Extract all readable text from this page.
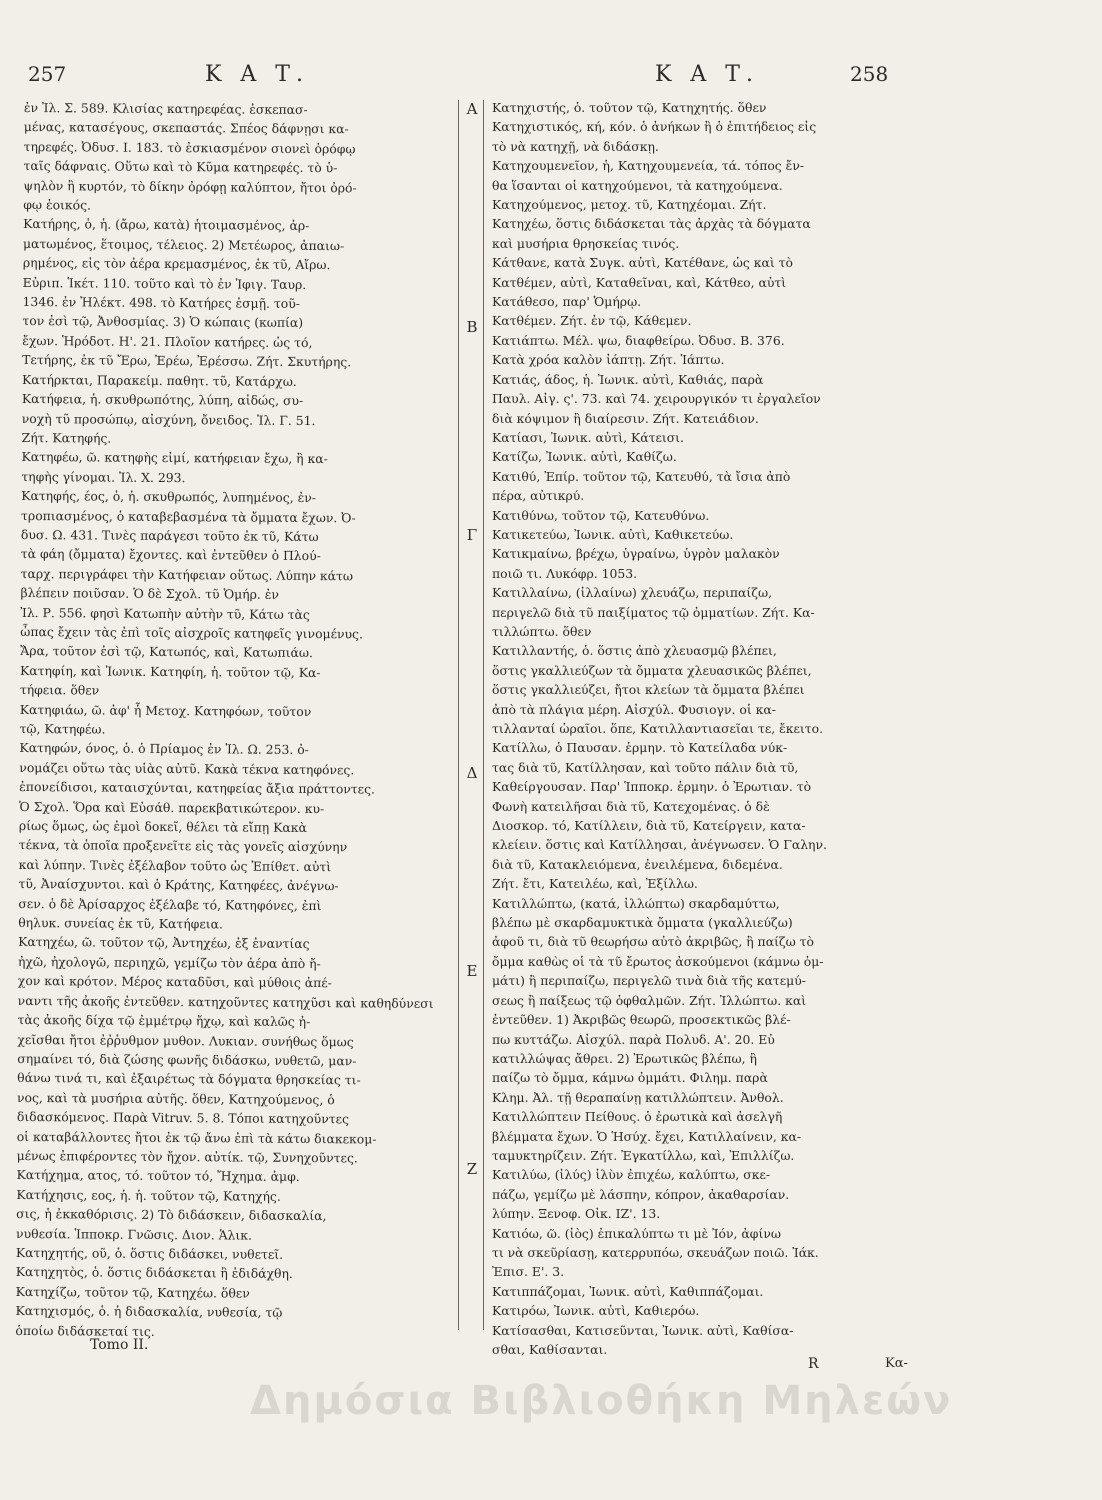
257	Κ Α Τ.	Κ Α Τ.	258
Α
Β
Γ
Δ
Ε
Ζ
ἐν Ἰλ. Σ. 589. Κλισίας κατηρεφέας. ἐσκεπασ-
μένας, κατασέγους, σκεπαστάς. Σπέος δάφνῃσι κα-
τηρεφές. Ὀδυσ. Ι. 183. τὸ ἐσκιασμένον σιονεὶ ὀρόφῳ
ταῖς δάφναις. Οὕτω καὶ τὸ Κῦμα κατηρεφές. τὸ ὑ-
ψηλὸν ἢ κυρτόν, τὸ δίκην ὀρόφῃ καλύπτον, ἤτοι ὀρό-
φῳ ἐοικός.
Κατήρης, ὁ, ἡ. (ἄρω, κατὰ) ἡτοιμασμένος, ἀρ-
ματωμένος, ἕτοιμος, τέλειος. 2) Μετέωρος, ἀπαιω-
ρημένος, εἰς τὸν ἀέρα κρεμασμένος, ἐκ τῦ, Αἴρω.
Εὐριπ. Ἱκέτ. 110. τοῦτο καὶ τὸ ἐν Ἰφιγ. Ταυρ.
1346. ἐν Ἠλέκτ. 498. τὸ Κατήρες ἐσμῇ. τοῦ-
τον ἐσὶ τῷ, Ἀνθοσμίας. 3) Ὁ κώπαις (κωπία)
ἔχων. Ἡρόδοτ. Η'. 21. Πλοῖον κατήρες. ὡς τό,
Τετήρης, ἐκ τῦ Ἔρω, Ἐρέω, Ἐρέσσω. Ζήτ. Σκυτήρης.
Κατήρκται, Παρακείμ. παθητ. τῦ, Κατάρχω.
Κατήφεια, ἡ. σκυθρωπότης, λύπη, αἰδώς, συ-
νοχὴ τῦ προσώπῳ, αἰσχύνη, ὄνειδος. Ἰλ. Γ. 51.
Ζήτ. Κατηφής.
Κατηφέω, ῶ. κατηφὴς εἰμί, κατήφειαν ἔχω, ἢ κα-
τηφὴς γίνομαι. Ἰλ. Χ. 293.
Κατηφής, έος, ὁ, ἡ. σκυθρωπός, λυπημένος, ἐν-
τροπιασμένος, ὁ καταβεβασμένα τὰ ὄμματα ἔχων. Ὀ-
δυσ. Ω. 431. Τινὲς παράγεσι τοῦτο ἐκ τῦ, Κάτω
τὰ φάη (ὄμματα) ἔχοντες. καὶ ἐντεῦθεν ὁ Πλού-
ταρχ. περιγράφει τὴν Κατήφειαν οὕτως. Λύπην κάτω
βλέπειν ποιῦσαν. Ὁ δὲ Σχολ. τῦ Ὁμήρ. ἐν
Ἰλ. Ρ. 556. φησὶ Κατωπὴν αὐτὴν τῦ, Κάτω τὰς
ὦπας ἔχειν τὰς ἐπὶ τοῖς αἰσχροῖς κατηφεῖς γινομένυς.
Ἄρα, τοῦτον ἐσὶ τῷ, Κατωπός, καὶ, Κατωπιάω.
Κατηφίη, καὶ Ἰωνικ. Κατηφίη, ἡ. τοῦτον τῷ, Κα-
τήφεια. ὅθεν
Κατηφιάω, ῶ. ἀφ' ἧ Μετοχ. Κατηφόων, τοῦτον
τῷ, Κατηφέω.
Κατηφών, όνος, ὁ. ὁ Πρίαμος ἐν Ἰλ. Ω. 253. ὀ-
νομάζει οὕτω τὰς υἱὰς αὐτῦ. Κακὰ τέκνα κατηφόνες.
ἐπονείδισοι, καταισχύνται, κατηφείας ἄξια πράττοντες.
Ὁ Σχολ. Ὅρα καὶ Εὐσάθ. παρεκβατικώτερον. κυ-
ρίως ὅμως, ὡς ἐμοὶ δοκεῖ, θέλει τὰ εἴπῃ Κακὰ
τέκνα, τὰ ὁποῖα προξενεῖτε εἰς τὰς γονεῖς αἰσχύνην
καὶ λύπην. Τινὲς ἐξέλαβον τοῦτο ὡς Ἐπίθετ. αὐτὶ
τῦ, Ἀναίσχυντοι. καὶ ὁ Κράτης, Κατηφέες, ἀνέγνω-
σεν. ὁ δὲ Ἀρίσαρχος ἐξέλαβε τό, Κατηφόνες, ἐπὶ
θηλυκ. συνείας ἐκ τῦ, Κατήφεια.
Κατηχέω, ῶ. τοῦτον τῷ, Ἀντηχέω, ἐξ ἐναντίας
ἠχῶ, ἠχολογῶ, περιηχῶ, γεμίζω τὸν ἀέρα ἀπὸ ἤ-
χον καὶ κρότον. Μέρος καταδῦσι, καὶ μύθοις ἀπέ-
ναντι τῆς ἀκοῆς ἐντεῦθεν. κατηχοῦντες κατηχῦσι καὶ καθηδύνεσι
τὰς ἀκοῆς δίχα τῷ ἐμμέτρῳ ἤχῳ, καὶ καλῶς ἠ-
χεῖσθαι ἤτοι ἐῤῥυθμον μυθον. Λυκιαν. συνήθως ὅμως
σημαίνει τό, διὰ ζώσης φωνῆς διδάσκω, νυθετῶ, μαν-
θάνω τινά τι, καὶ ἐξαιρέτως τὰ δόγματα θρησκείας τι-
νος, καὶ τὰ μυσήρια αὐτῆς. ὅθεν, Κατηχούμενος, ὁ
διδασκόμενος. Παρὰ Vitruv. 5. 8. Τόποι κατηχοῦντες
οἱ καταβάλλοντες ἤτοι ἐκ τῷ ἄνω ἐπὶ τὰ κάτω διακεκομ-
μένως ἐπιφέροντες τὸν ἤχον. αὐτίκ. τῷ, Συνηχοῦντες.
Κατήχημα, ατος, τό. τοῦτον τό, Ἤχημα. ἀμφ.
Κατήχησις, εος, ἡ. ἡ. τοῦτον τῷ, Κατηχής.
σις, ἡ ἐκκαθόρισις. 2) Τὸ διδάσκειν, διδασκαλία,
νυθεσία. Ἱπποκρ. Γνῶσις. Διον. Ἁλικ.
Κατηχητής, οῦ, ὁ. ὅστις διδάσκει, νυθετεῖ.
Κατηχητὸς, ὁ. ὅστις διδάσκεται ἢ ἐδιδάχθη.
Κατηχίζω, τοῦτον τῷ, Κατηχέω. ὅθεν
Κατηχισμός, ὁ. ἡ διδασκαλία, νυθεσία, τῷ
ὁποίω διδάσκεταί τις.
Κατηχιστής, ὁ. τοῦτον τῷ, Κατηχητής. ὅθεν
Κατηχιστικός, κή, κόν. ὁ ἀνήκων ἢ ὁ ἐπιτήδειος εἰς
τὸ νὰ κατηχῇ, νὰ διδάσκῃ.
Κατηχουμενεῖον, ἡ, Κατηχουμενεία, τά. τόπος ἔν-
θα ἵσανται οἱ κατηχούμενοι, τὰ κατηχούμενα.
Κατηχούμενος, μετοχ. τῦ, Κατηχέομαι. Ζήτ.
Κατηχέω, ὅστις διδάσκεται τὰς ἀρχὰς τὰ δόγματα
καὶ μυσήρια θρησκείας τινός.
Κάτθανε, κατὰ Συγκ. αὐτὶ, Κατέθανε, ὡς καὶ τὸ
Κατθέμεν, αὐτὶ, Καταθεῖναι, καὶ, Κάτθεο, αὐτὶ
Κατάθεσο, παρ' Ὁμήρῳ.
Κατθέμεν. Ζήτ. ἐν τῷ, Κάθεμεν.
Κατιάπτω. Μέλ. ψω, διαφθείρω. Ὀδυσ. Β. 376.
Κατὰ χρόα καλὸν ἰάπτῃ. Ζήτ. Ἰάπτω.
Κατιάς, άδος, ἡ. Ἰωνικ. αὐτὶ, Καθιάς, παρὰ
Παυλ. Αἰγ. ς'. 73. καὶ 74. χειρουργικόν τι ἐργαλεῖον
διὰ κόψιμον ἢ διαίρεσιν. Ζήτ. Κατειάδιον.
Κατίασι, Ἰωνικ. αὐτὶ, Κάτεισι.
Κατίζω, Ἰωνικ. αὐτὶ, Καθίζω.
Κατιθύ, Ἐπίρ. τοῦτον τῷ, Κατευθύ, τὰ ἴσια ἀπὸ
πέρα, αὐτικρύ.
Κατιθύνω, τοῦτον τῷ, Κατευθύνω.
Κατικετεύω, Ἰωνικ. αὐτὶ, Καθικετεύω.
Κατικμαίνω, βρέχω, ὑγραίνω, ὑγρὸν μαλακὸν
ποιῶ τι. Λυκόφρ. 1053.
Κατιλλαίνω, (ἰλλαίνω) χλευάζω, περιπαίζω,
περιγελῶ διὰ τῦ παιξίματος τῷ ὀμματίων. Ζήτ. Κα-
τιλλώπτω. ὅθεν
Κατιλλαντής, ὁ. ὅστις ἀπὸ χλευασμῷ βλέπει,
ὅστις γκαλλιεύζων τὰ ὄμματα χλευασικῶς βλέπει,
ὅστις γκαλλιεύζει, ἤτοι κλείων τὰ ὄμματα βλέπει
ἀπὸ τὰ πλάγια μέρη. Αἰσχύλ. Φυσιογν. οἱ κα-
τιλλανταί ὡραῖοι. ὅπε, Κατιλλαντιασεῖαι τε, ἔκειτο.
Κατίλλω, ὁ Παυσαν. ἑρμην. τὸ Κατείλαδα νύκ-
τας διὰ τῦ, Κατίλλησαν, καὶ τοῦτο πάλιν διὰ τῦ,
Καθείργουσαν. Παρ' Ἱπποκρ. ἑρμην. ὁ Ἐρωτιαν. τὸ
Φωνὴ κατειλῆσαι διὰ τῦ, Κατεχομένας. ὁ δὲ
Διοσκορ. τό, Κατίλλειν, διὰ τῦ, Κατείργειν, κατα-
κλείειν. ὅστις καὶ Κατίλλησαι, ἀνέγνωσεν. Ὁ Γαλην.
διὰ τῦ, Κατακλειόμενα, ἐνειλέμενα, διδεμένα.
Ζήτ. ἔτι, Κατειλέω, καὶ, Ἐξίλλω.
Κατιλλώπτω, (κατά, ἰλλώπτω) σκαρδαμύττω,
βλέπω μὲ σκαρδαμυκτικὰ ὄμματα (γκαλλιεύζω)
ἀφοῦ τι, διὰ τῦ θεωρήσω αὐτὸ ἀκριβῶς, ἢ παίζω τὸ
ὄμμα καθὼς οἱ τὰ τῦ ἔρωτος ἀσκούμενοι (κάμνω ὀμ-
μάτι) ἢ περιπαίζω, περιγελῶ τινὰ διὰ τῆς κατεμύ-
σεως ἢ παίξεως τῷ ὀφθαλμῶν. Ζήτ. Ἰλλώπτω. καὶ
ἐντεῦθεν. 1) Ἀκριβῶς θεωρῶ, προσεκτικῶς βλέ-
πω κυττάζω. Αἰσχύλ. παρὰ Πολυδ. Α'. 20. Εὐ
κατιλλώψας ἄθρει. 2) Ἐρωτικῶς βλέπω, ἢ
παίζω τὸ ὄμμα, κάμνω ὀμμάτι. Φιλημ. παρὰ
Κλημ. Ἀλ. τῇ θεραπαίνῃ κατιλλώπτειν. Ἀνθολ.
Κατιλλώπτειν Πείθους. ὁ ἐρωτικὰ καὶ ἀσελγῆ
βλέμματα ἔχων. Ὁ Ἡσύχ. ἔχει, Κατιλλαίνειν, κα-
ταμυκτηρίζειν. Ζήτ. Ἐγκατίλλω, καὶ, Ἐπιλλίζω.
Κατιλύω, (ἰλύς) ἰλὺν ἐπιχέω, καλύπτω, σκε-
πάζω, γεμίζω μὲ λάσπην, κόπρον, ἀκαθαρσίαν.
λύπην. Ξενοφ. Οἰκ. ΙΖ'. 13.
Κατιόω, ῶ. (ἰὸς) ἐπικαλύπτω τι μὲ Ἰόν, ἀφίνω
τι νὰ σκεῦρίασῃ, κατερρυπόω, σκευάζων ποιῶ. Ἰάκ.
Ἐπισ. Ε'. 3.
Κατιππάζομαι, Ἰωνικ. αὐτὶ, Καθιππάζομαι.
Κατιρόω, Ἰωνικ. αὐτὶ, Καθιερόω.
Κατίσασθαι, Κατισεῦνται, Ἰωνικ. αὐτὶ, Καθίσα-
σθαι, Καθίσανται.
Tomo II.
R	Κα-
Δημόσια Βιβλιοθήκη Μηλεών
